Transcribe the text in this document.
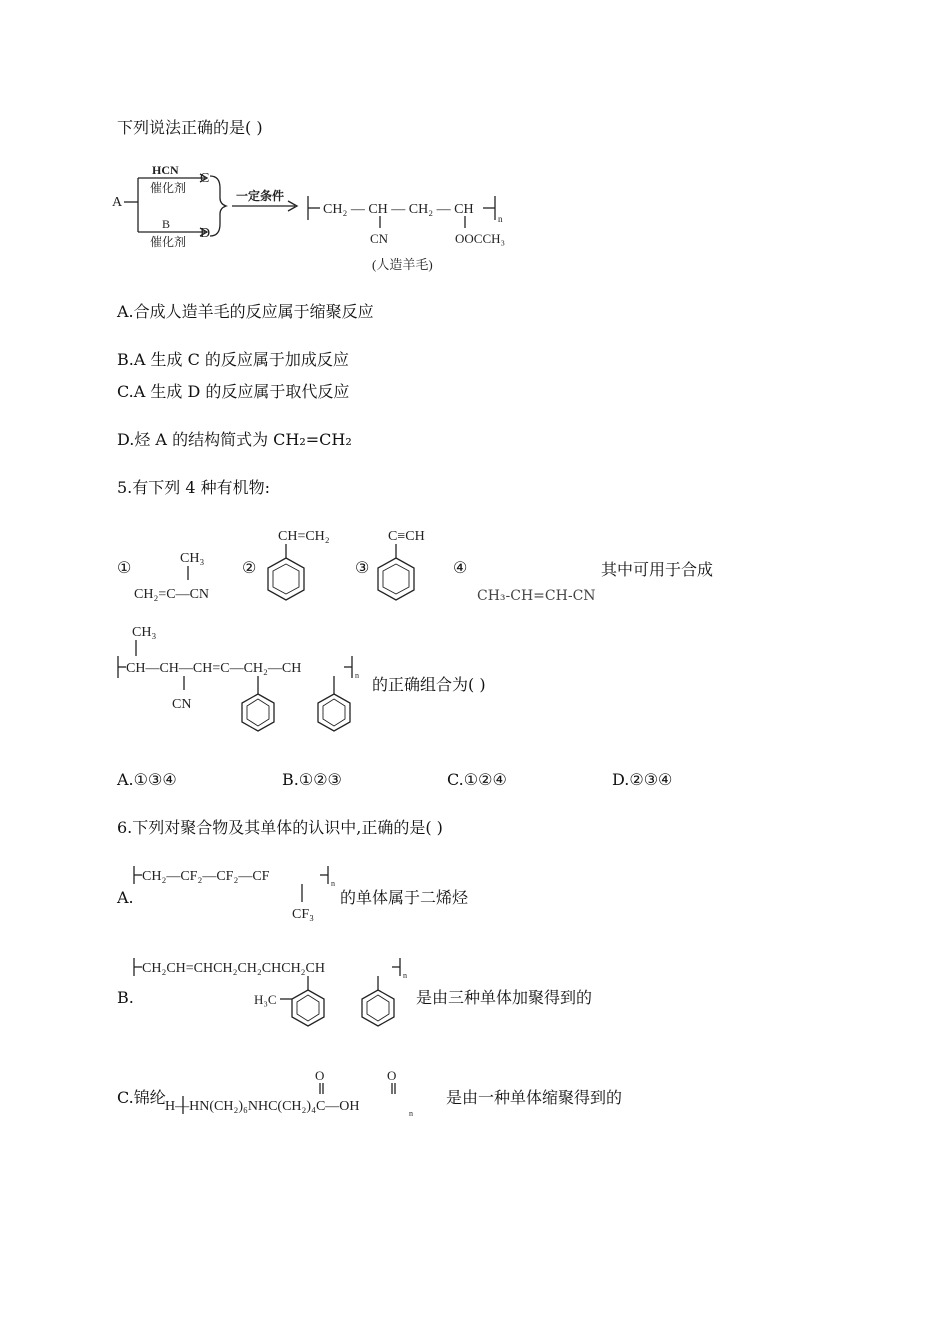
下列说法正确的是( )
A
HCN
催化剂
B
催化剂
C
D
一定条件
CH₂ — CH — CH₂ — CH
n
CN	OOCCH₃
(人造羊毛)
A.合成人造羊毛的反应属于缩聚反应
B.A 生成 C 的反应属于加成反应
C.A 生成 D 的反应属于取代反应
D.烃 A 的结构简式为 CH₂=CH₂
5.有下列 4 种有机物:
①	CH₃
CH₂=C—CN
②
CH=CH₂
③
C≡CH
④
CH₃-CH=CH-CN
其中可用于合成
CH₃
CH—CH—CH=C—CH₂—CH	n
CN
的正确组合为( )
A.①③④	B.①②③	C.①②④	D.②③④
6.下列对聚合物及其单体的认识中,正确的是( )
A.
CH₂—CF₂—CF₂—CF	n
CF₃
的单体属于二烯烃
B.
CH₂CH=CHCH₂CH₂CHCH₂CH	n
H₃C	是由三种单体加聚得到的
C.锦纶
O	O
H—HN(CH₂)₆NHC(CH₂)₄C—OH	n
是由一种单体缩聚得到的
